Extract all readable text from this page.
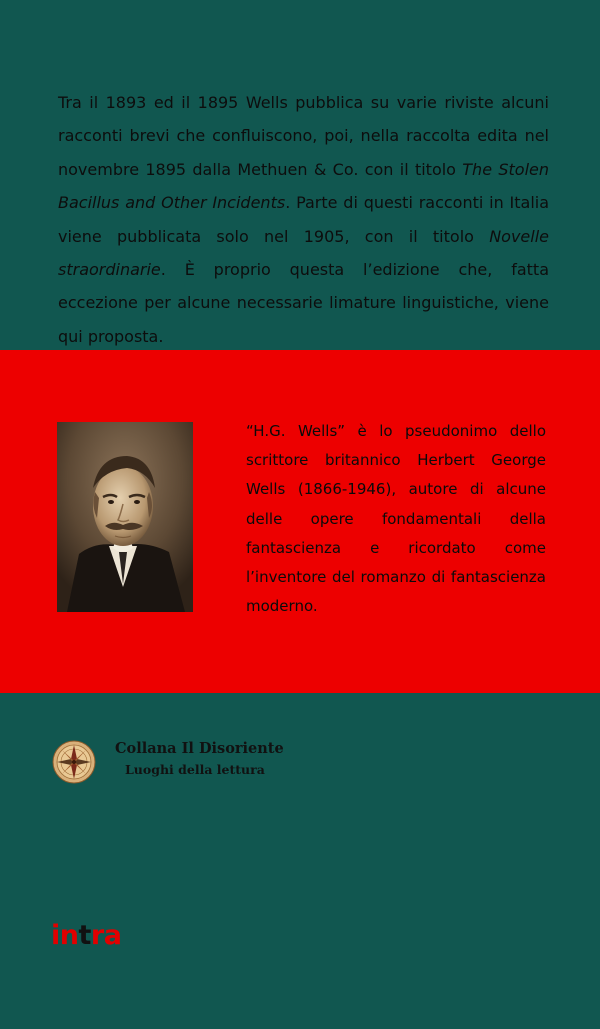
Tra il 1893 ed il 1895 Wells pubblica su varie riviste alcuni racconti brevi che confluiscono, poi, nella raccolta edita nel novembre 1895 dalla Methuen & Co. con il titolo The Stolen Bacillus and Other Incidents. Parte di questi racconti in Italia viene pubblicata solo nel 1905, con il titolo Novelle straordinarie. È proprio questa l’edizione che, fatta eccezione per alcune necessarie limature linguistiche, viene qui proposta.

“H.G. Wells” è lo pseudonimo dello scrittore britannico Herbert George Wells (1866-1946), autore di alcune delle opere fondamentali della fantascienza e ricordato come l’inventore del romanzo di fantascienza moderno.

Collana Il Disoriente
Luoghi della lettura
intra
